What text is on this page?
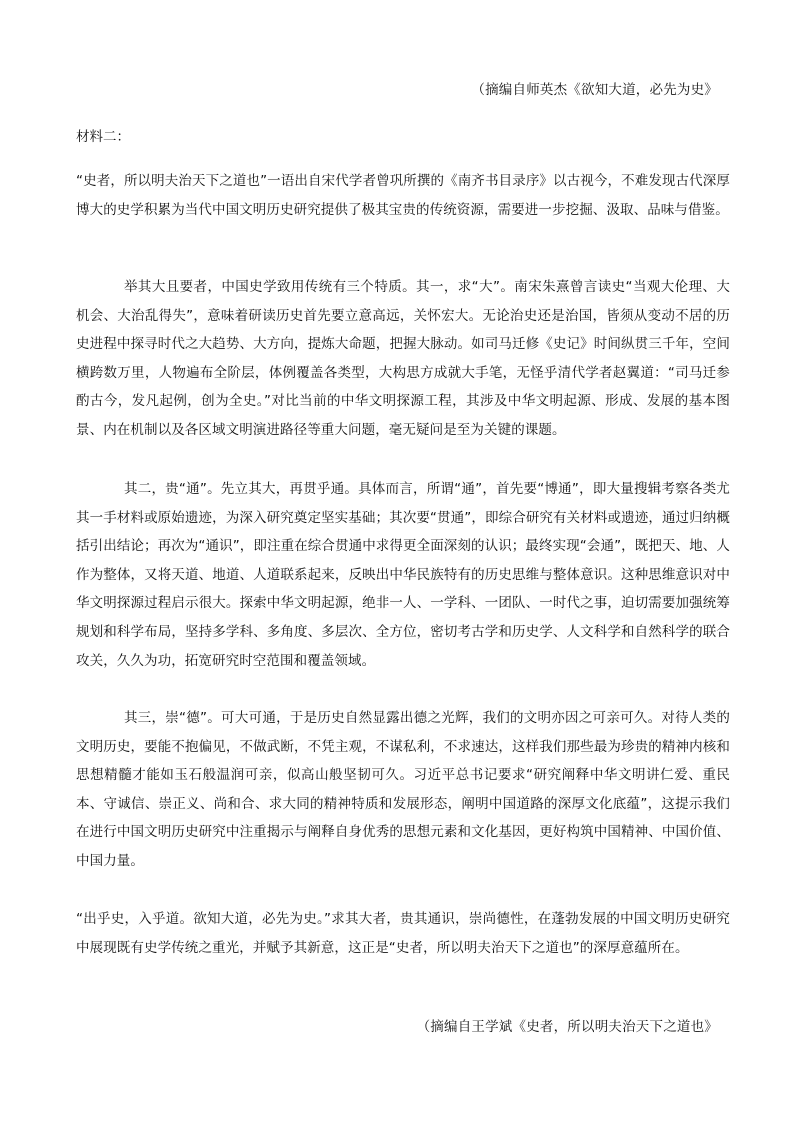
（摘编自师英杰《欲知大道，必先为史》
材料二：

“史者，所以明夫治天下之道也”一语出自宋代学者曾巩所撰的《南齐书目录序》以古视今，不难发现古代深厚博大的史学积累为当代中国文明历史研究提供了极其宝贵的传统资源，需要进一步挖掘、汲取、品味与借鉴。

举其大且要者，中国史学致用传统有三个特质。其一，求“大”。南宋朱熹曾言读史“当观大伦理、大机会、大治乱得失”，意味着研读历史首先要立意高远，关怀宏大。无论治史还是治国，皆须从变动不居的历史进程中探寻时代之大趋势、大方向，提炼大命题，把握大脉动。如司马迁修《史记》时间纵贯三千年，空间横跨数万里，人物遍布全阶层，体例覆盖各类型，大构思方成就大手笔，无怪乎清代学者赵翼道：“司马迁参酌古今，发凡起例，创为全史。”对比当前的中华文明探源工程，其涉及中华文明起源、形成、发展的基本图景、内在机制以及各区域文明演进路径等重大问题，毫无疑问是至为关键的课题。

其二，贵“通”。先立其大，再贯乎通。具体而言，所谓“通”，首先要“博通”，即大量搜辑考察各类尤其一手材料或原始遗迹，为深入研究奠定坚实基础；其次要“贯通”，即综合研究有关材料或遗迹，通过归纳概括引出结论；再次为“通识”，即注重在综合贯通中求得更全面深刻的认识；最终实现“会通”，既把天、地、人作为整体，又将天道、地道、人道联系起来，反映出中华民族特有的历史思维与整体意识。这种思维意识对中华文明探源过程启示很大。探索中华文明起源，绝非一人、一学科、一团队、一时代之事，迫切需要加强统筹规划和科学布局，坚持多学科、多角度、多层次、全方位，密切考古学和历史学、人文科学和自然科学的联合攻关，久久为功，拓宽研究时空范围和覆盖领域。

其三，崇“德”。可大可通，于是历史自然显露出德之光辉，我们的文明亦因之可亲可久。对待人类的文明历史，要能不抱偏见，不做武断，不凭主观，不谋私利，不求速达，这样我们那些最为珍贵的精神内核和思想精髓才能如玉石般温润可亲，似高山般坚韧可久。习近平总书记要求“研究阐释中华文明讲仁爱、重民本、守诚信、崇正义、尚和合、求大同的精神特质和发展形态，阐明中国道路的深厚文化底蕴”，这提示我们在进行中国文明历史研究中注重揭示与阐释自身优秀的思想元素和文化基因，更好构筑中国精神、中国价值、中国力量。

“出乎史，入乎道。欲知大道，必先为史。”求其大者，贵其通识，崇尚德性，在蓬勃发展的中国文明历史研究中展现既有史学传统之重光，并赋予其新意，这正是“史者，所以明夫治天下之道也”的深厚意蕴所在。

（摘编自王学斌《史者，所以明夫治天下之道也》
